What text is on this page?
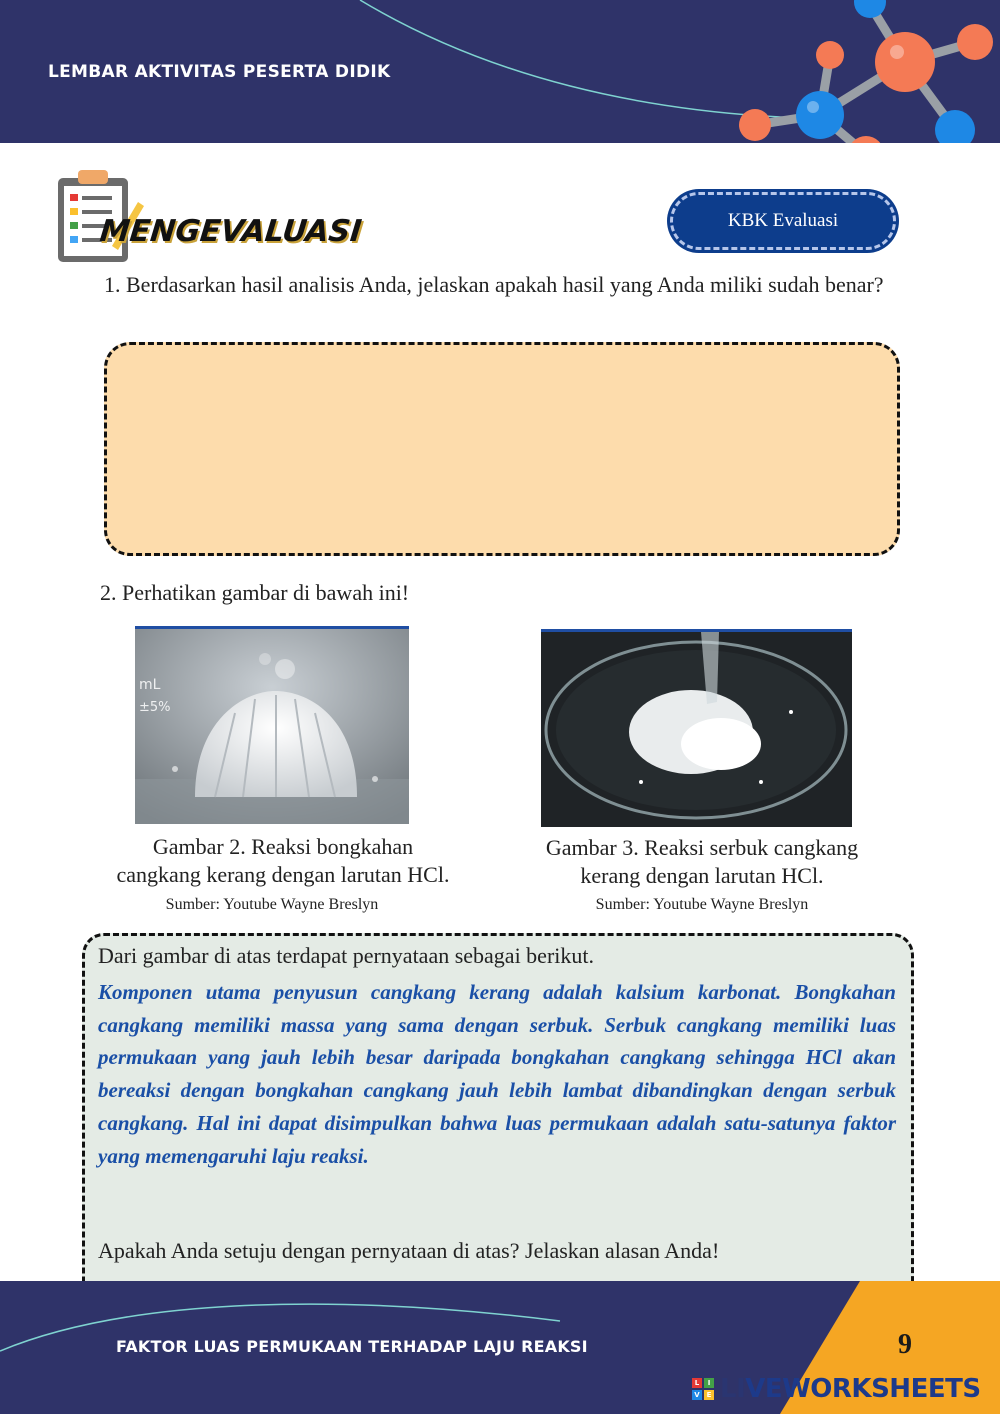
LEMBAR AKTIVITAS PESERTA DIDIK
MENGEVALUASI	KBK Evaluasi
1. Berdasarkan hasil analisis Anda, jelaskan apakah hasil yang Anda miliki sudah benar?
2. Perhatikan gambar di bawah ini!
mL
±5%
Gambar 2. Reaksi bongkahan
cangkang kerang dengan larutan HCl.
Sumber: Youtube Wayne Breslyn
Gambar 3. Reaksi serbuk cangkang
kerang dengan larutan HCl.
Sumber: Youtube Wayne Breslyn
Dari gambar di atas terdapat pernyataan sebagai berikut.
Komponen utama penyusun cangkang kerang adalah kalsium karbonat. Bongkahan cangkang memiliki massa yang sama dengan serbuk. Serbuk cangkang memiliki luas permukaan yang jauh lebih besar daripada bongkahan cangkang sehingga HCl akan bereaksi dengan bongkahan cangkang jauh lebih lambat dibandingkan dengan serbuk cangkang. Hal ini dapat disimpulkan bahwa luas permukaan adalah satu-satunya faktor yang memengaruhi laju reaksi.
Apakah Anda setuju dengan pernyataan di atas? Jelaskan alasan Anda!
FAKTOR LUAS PERMUKAAN TERHADAP LAJU REAKSI	9
L	I
V E LIVEWORKSHEETS
